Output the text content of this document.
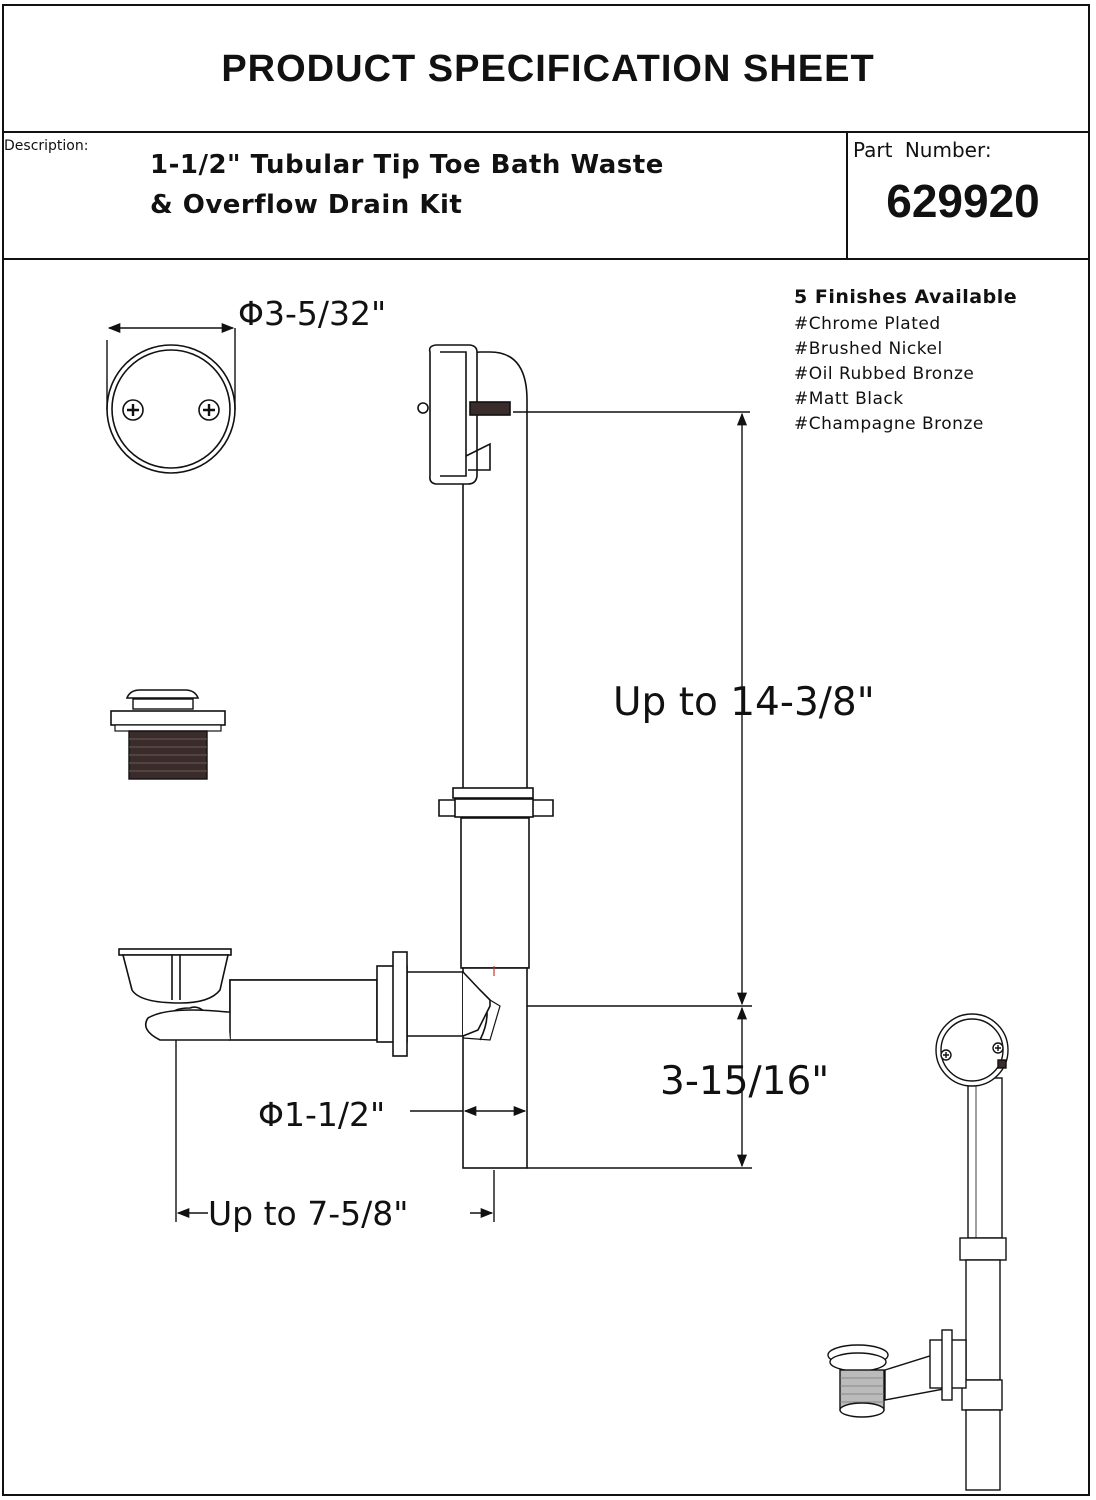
PRODUCT SPECIFICATION SHEET
Description:
1-1/2" Tubular Tip Toe Bath Waste
& Overflow Drain Kit
Part Number:
629920
5 Finishes Available
#Chrome Plated
#Brushed Nickel
#Oil Rubbed Bronze
#Matt Black
#Champagne Bronze
Φ3-5/32"
Up to 14-3/8"
3-15/16"
Φ1-1/2"
Up to 7-5/8"
